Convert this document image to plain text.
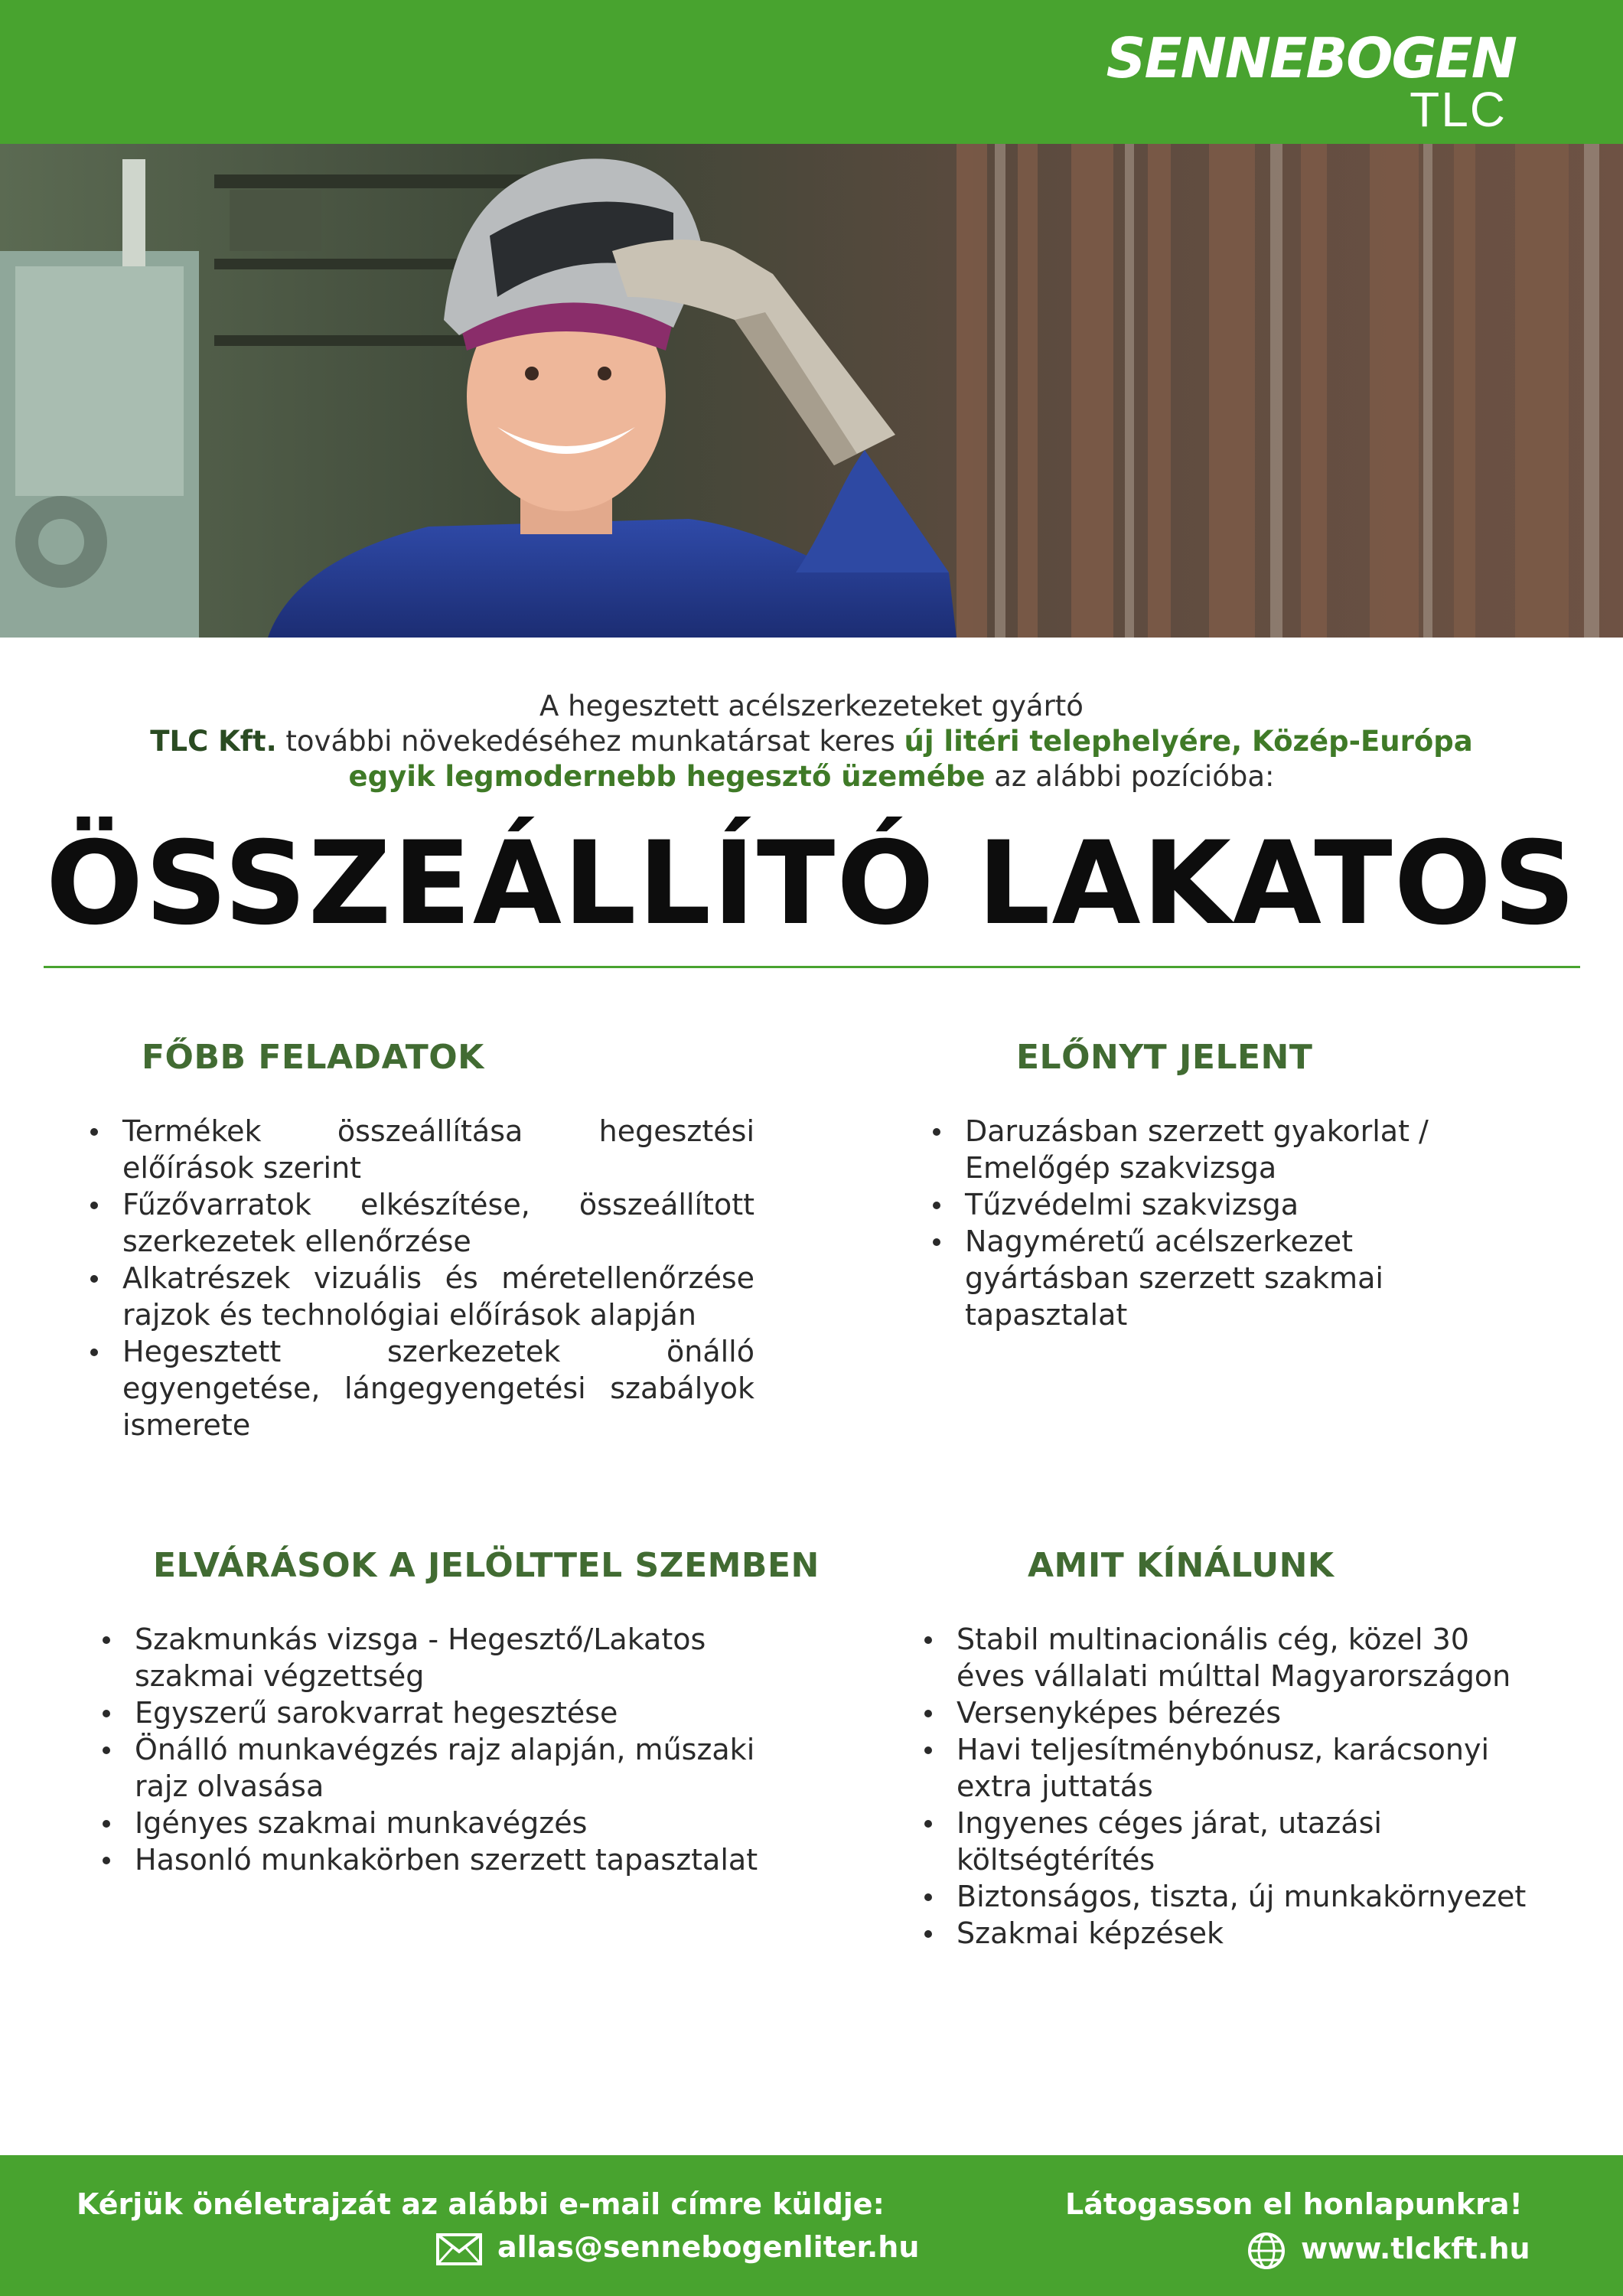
SENNEBOGEN
TLC
A hegesztett acélszerkezeteket gyártó
TLC Kft. további növekedéséhez munkatársat keres új litéri telephelyére, Közép-Európa
egyik legmodernebb hegesztő üzemébe az alábbi pozícióba:
ÖSSZEÁLLÍTÓ LAKATOS
FŐBB FELADATOK
Termékek összeállítása hegesztési előírások szerint
Fűzővarratok elkészítése, összeállított szerkezetek ellenőrzése
Alkatrészek vizuális és méretellenőrzése rajzok és technológiai előírások alapján
Hegesztett szerkezetek önálló egyengetése, lángegyengetési szabályok ismerete
ELŐNYT JELENT
Daruzásban szerzett gyakorlat / Emelőgép szakvizsga
Tűzvédelmi szakvizsga
Nagyméretű acélszerkezet gyártásban szerzett szakmai tapasztalat
ELVÁRÁSOK A JELÖLTTEL SZEMBEN
Szakmunkás vizsga - Hegesztő/Lakatos szakmai végzettség
Egyszerű sarokvarrat hegesztése
Önálló munkavégzés rajz alapján, műszaki rajz olvasása
Igényes szakmai munkavégzés
Hasonló munkakörben szerzett tapasztalat
AMIT KÍNÁLUNK
Stabil multinacionális cég, közel 30 éves vállalati múlttal Magyarországon
Versenyképes bérezés
Havi teljesítménybónusz, karácsonyi extra juttatás
Ingyenes céges járat, utazási költségtérítés
Biztonságos, tiszta, új munkakörnyezet
Szakmai képzések
Kérjük önéletrajzát az alábbi e-mail címre küldje:
allas@sennebogenliter.hu
Látogasson el honlapunkra!
www.tlckft.hu
